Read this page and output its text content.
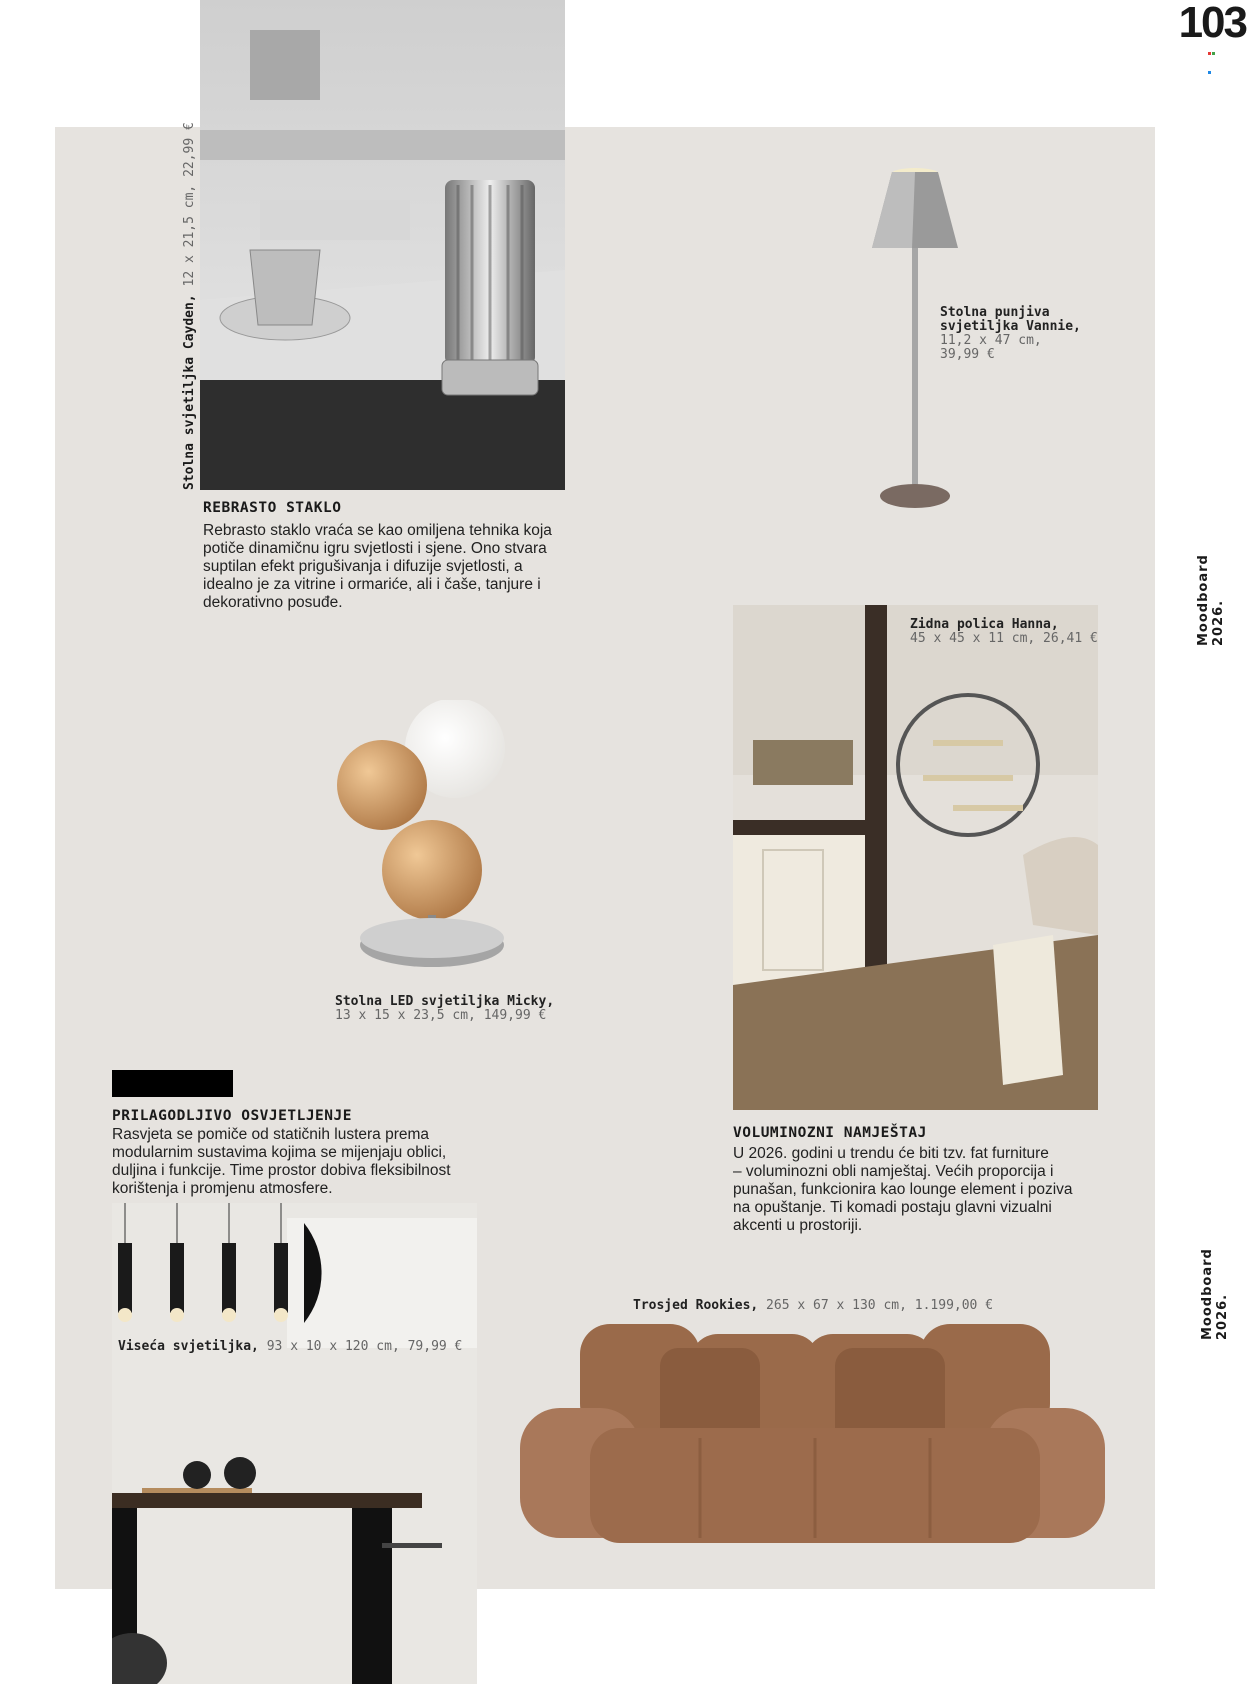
103
Moodboard
2026.
Moodboard
2026.
Stolna svjetiljka Cayden, 12 x 21,5 cm, 22,99 €
REBRASTO STAKLO
Rebrasto staklo vraća se kao omiljena tehnika koja
potiče dinamičnu igru svjetlosti i sjene. Ono stvara
suptilan efekt prigušivanja i difuzije svjetlosti, a
idealno je za vitrine i ormariće, ali i čaše, tanjure i
dekorativno posuđe.
Stolna punjiva
svjetiljka Vannie,
11,2 x 47 cm,
39,99 €
Zidna polica Hanna,
45 x 45 x 11 cm, 26,41 €
Stolna LED svjetiljka Micky,
13 x 15 x 23,5 cm, 149,99 €
PRILAGODLJIVO OSVJETLJENJE
Rasvjeta se pomiče od statičnih lustera prema
modularnim sustavima kojima se mijenjaju oblici,
duljina i funkcije. Time prostor dobiva fleksibilnost
korištenja i promjenu atmosfere.
Viseća svjetiljka, 93 x 10 x 120 cm, 79,99 €
VOLUMINOZNI NAMJEŠTAJ
U 2026. godini u trendu će biti tzv. fat furniture
– voluminozni obli namještaj. Većih proporcija i
punašan, funkcionira kao lounge element i poziva
na opuštanje. Ti komadi postaju glavni vizualni
akcenti u prostoriji.
Trosjed Rookies, 265 x 67 x 130 cm, 1.199,00 €
